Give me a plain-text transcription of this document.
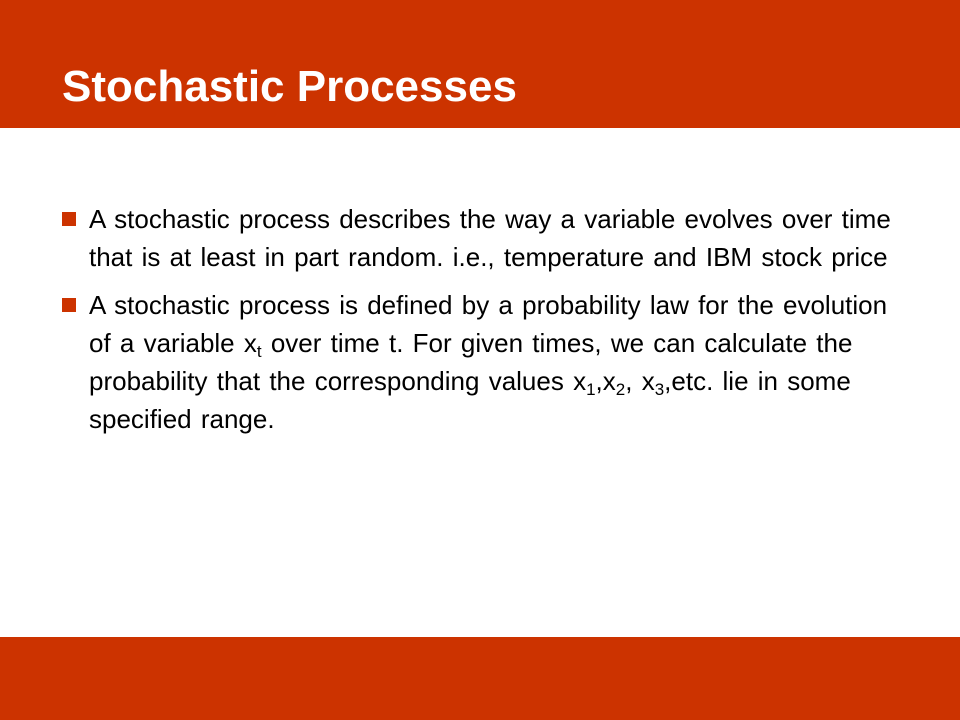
Stochastic Processes
A stochastic process describes the way a variable evolves over time that is at least in part random. i.e., temperature and IBM stock price
A stochastic process is defined by a probability law for the evolution of a variable $x_t$ over time t. For given times, we can calculate the probability that the corresponding values $x_1,x_2$, $x_3,etc$. lie in some specified range.
